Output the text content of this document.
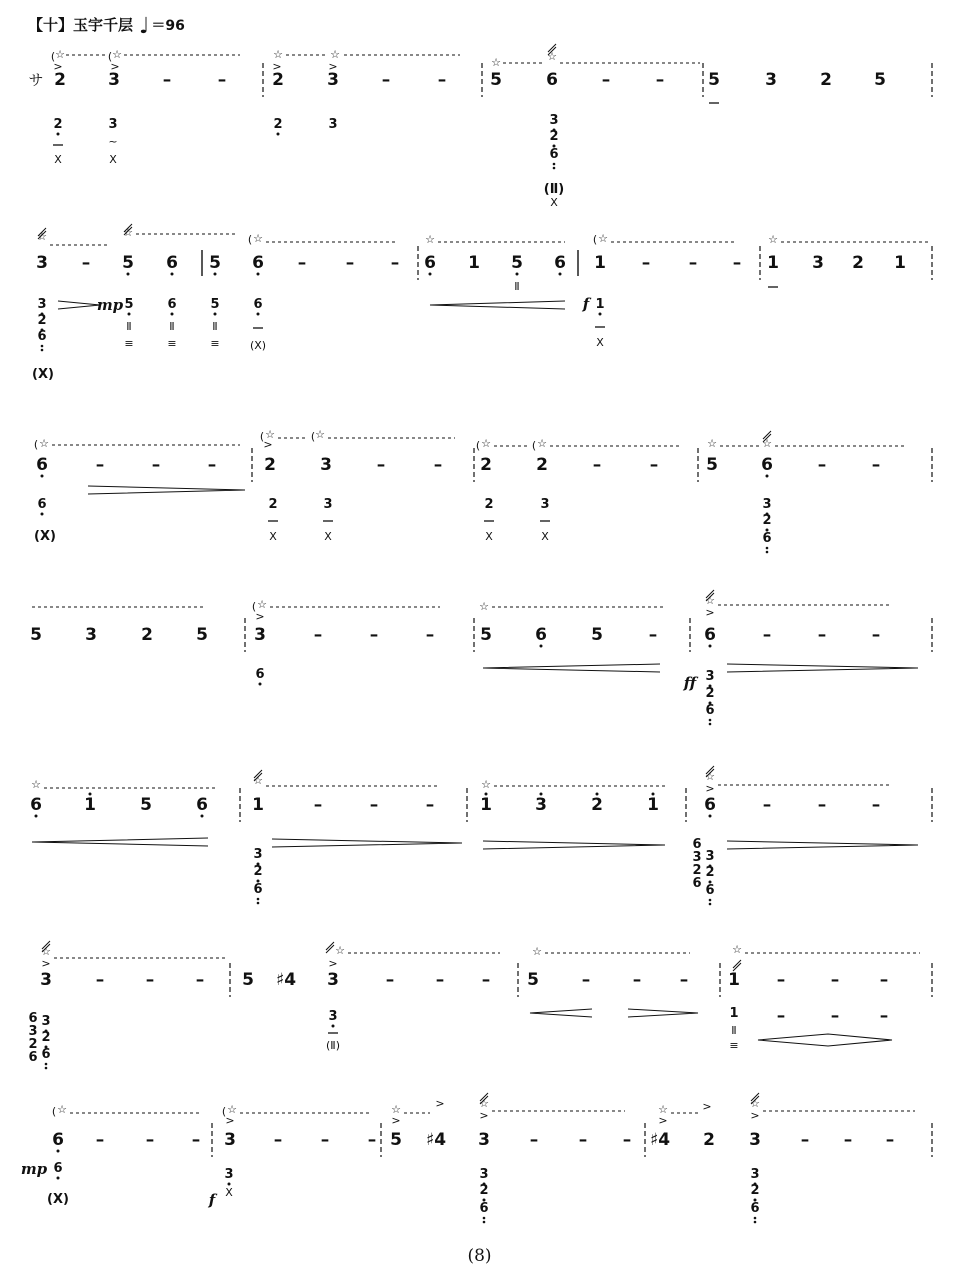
【十】玉宇千层 ♩ ＝96
サ
( ☆
>
( ☆
>
2 3	–	–
☆
>
☆
>
2	3	–	–
☆	☆
5	6	–	–	5	3	2 5
2
X
3
~
X
2	3	3
2
6
(Ⅱ)
X
☆	☆
3 – 5 6 5
( ☆
6 – – –
☆
6 1 5 6
( ☆
1 – – –
☆
1 3 2 1
3
2
6
(X)
mp 5
Ⅱ
≡
6
Ⅱ
≡
5
Ⅱ
≡
6
(X)
Ⅱ
f 1
X
( ☆
6	–	–	–
( ☆
>
( ☆
2	3	–	–
( ☆	( ☆
2	2	–	–
☆	☆
5	6	–	–
6
(X)
2
X
3
X
2
X
3
X
3
2
6
5	3	2	5
( ☆
>
3	–	–	–
☆
5	6	5	–
☆
>
6	–	–	–
6	ff 3
2
6
☆
6 1	5	6
☆
1	–	–	–
☆
1	3	2	1
☆
>
6	–	–	–
3
2
6
6
3
2
6
3
2
6
☆
>
3	– – – 5 ♯4
☆
>
3	– – –
☆
5	–	– –
☆
1 –	– –
–	– –
6
3
2
6
3
2
6
3
(Ⅱ)
1
Ⅱ
≡
( ☆
6 – – –
( ☆
>
3 – – –
☆
>
>
5 ♯4
☆
>
3 – – –
☆
>
>
♯4 2
☆
>
3 – – –
mp 6
(X)	f
3
X
3
2
6
3
2
6
(8)
